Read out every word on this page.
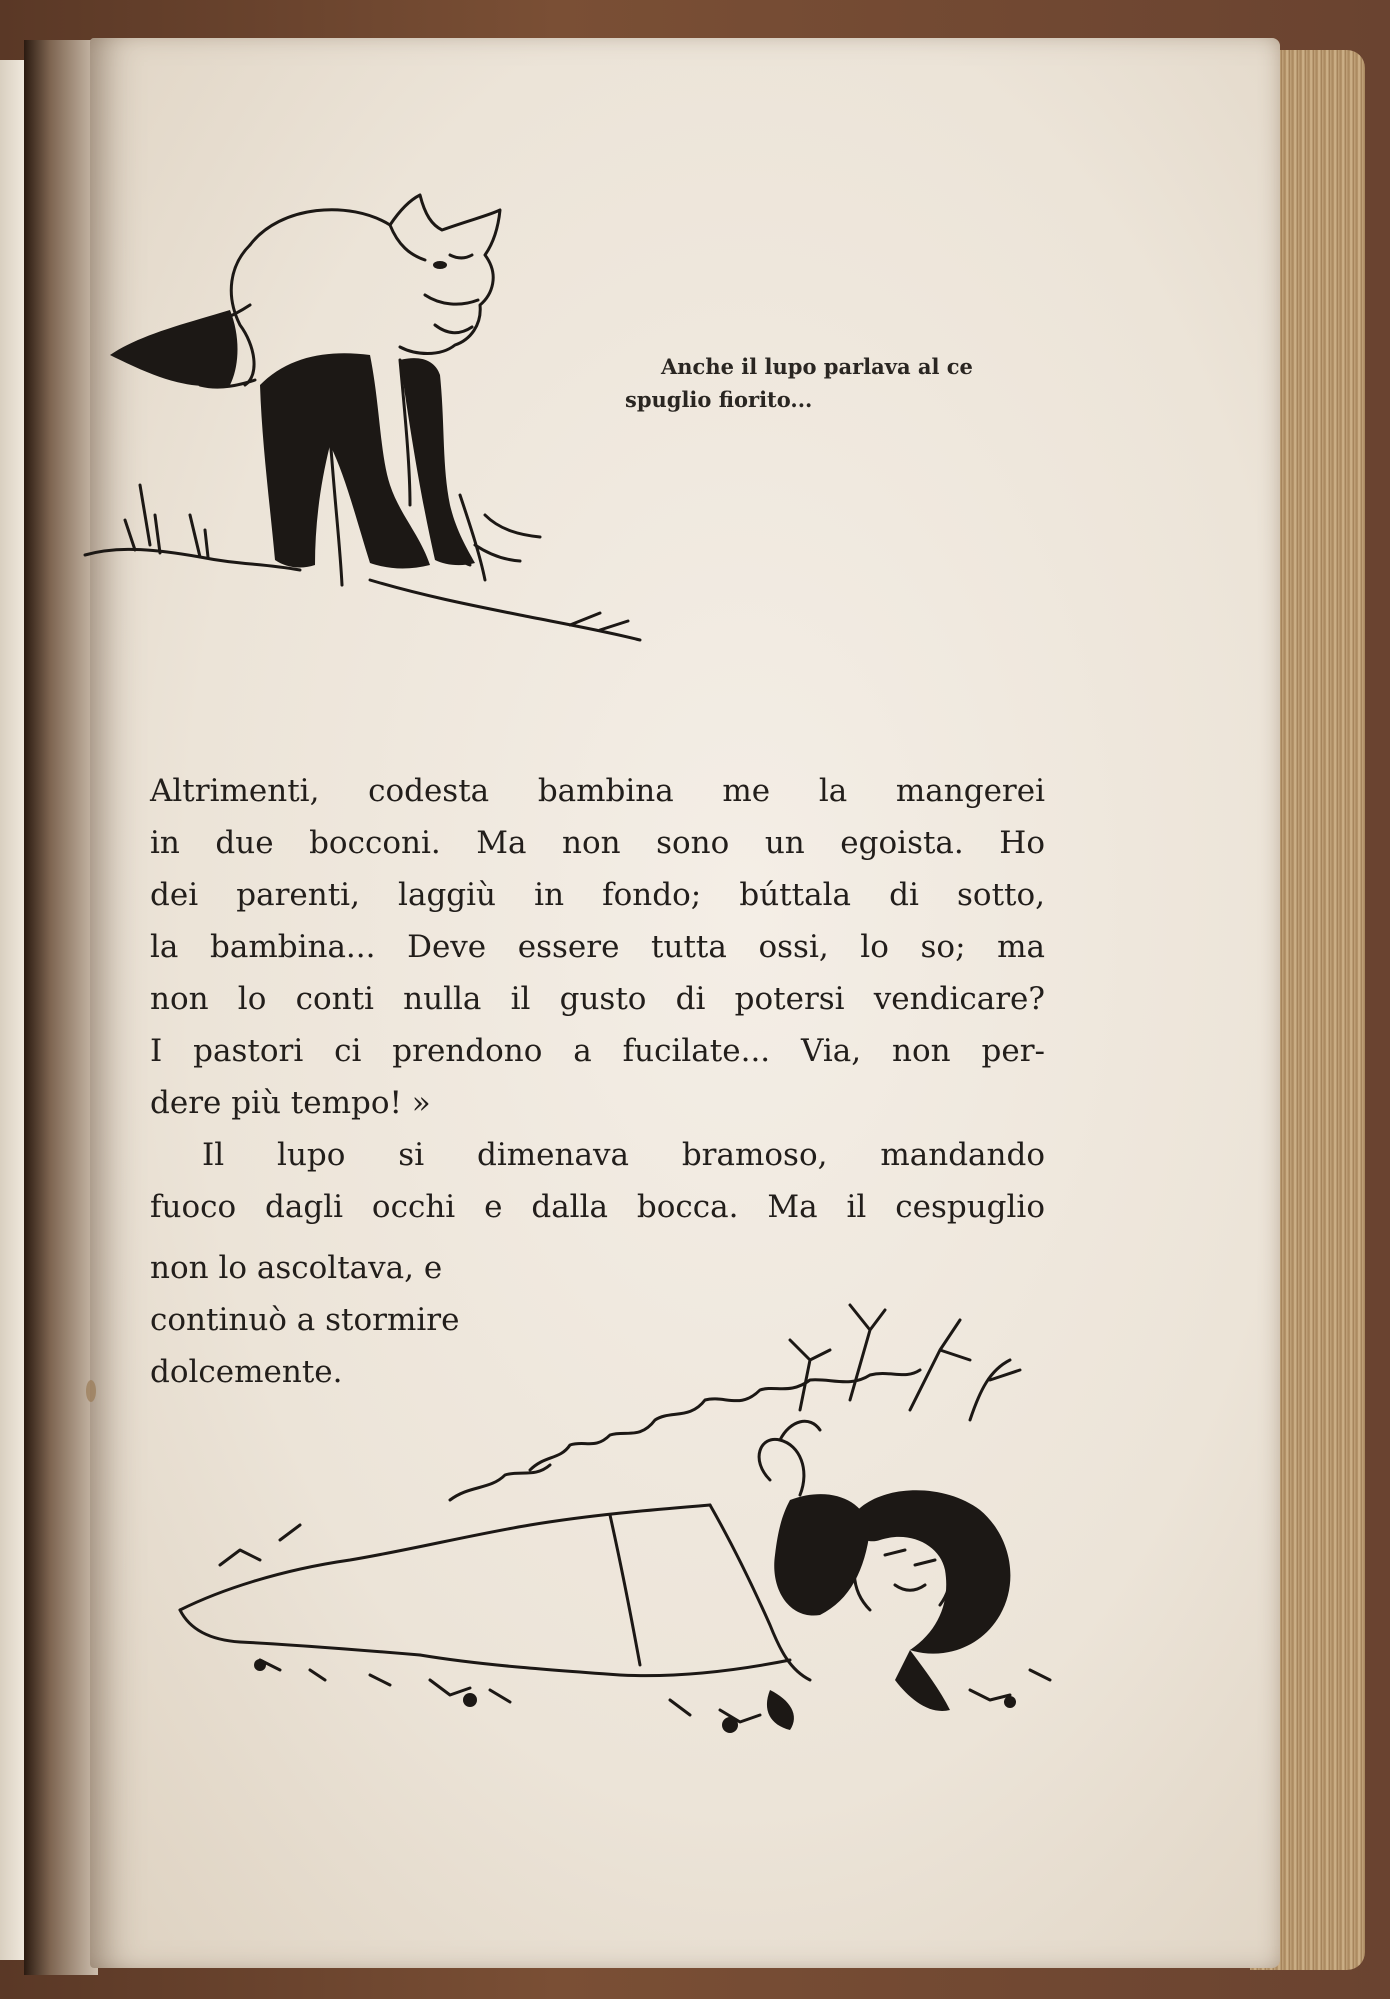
Anche il lupo parlava al ce
spuglio fiorito...
Altrimenti, codesta bambina me la mangerei
in due bocconi. Ma non sono un egoista. Ho
dei parenti, laggiù in fondo; búttala di sotto,
la bambina... Deve essere tutta ossi, lo so; ma
non lo conti nulla il gusto di potersi vendicare?
I pastori ci prendono a fucilate... Via, non per-
dere più tempo! »
Il lupo si dimenava bramoso, mandando
fuoco dagli occhi e dalla bocca. Ma il cespuglio
non lo ascoltava, e
continuò a stormire
dolcemente.
